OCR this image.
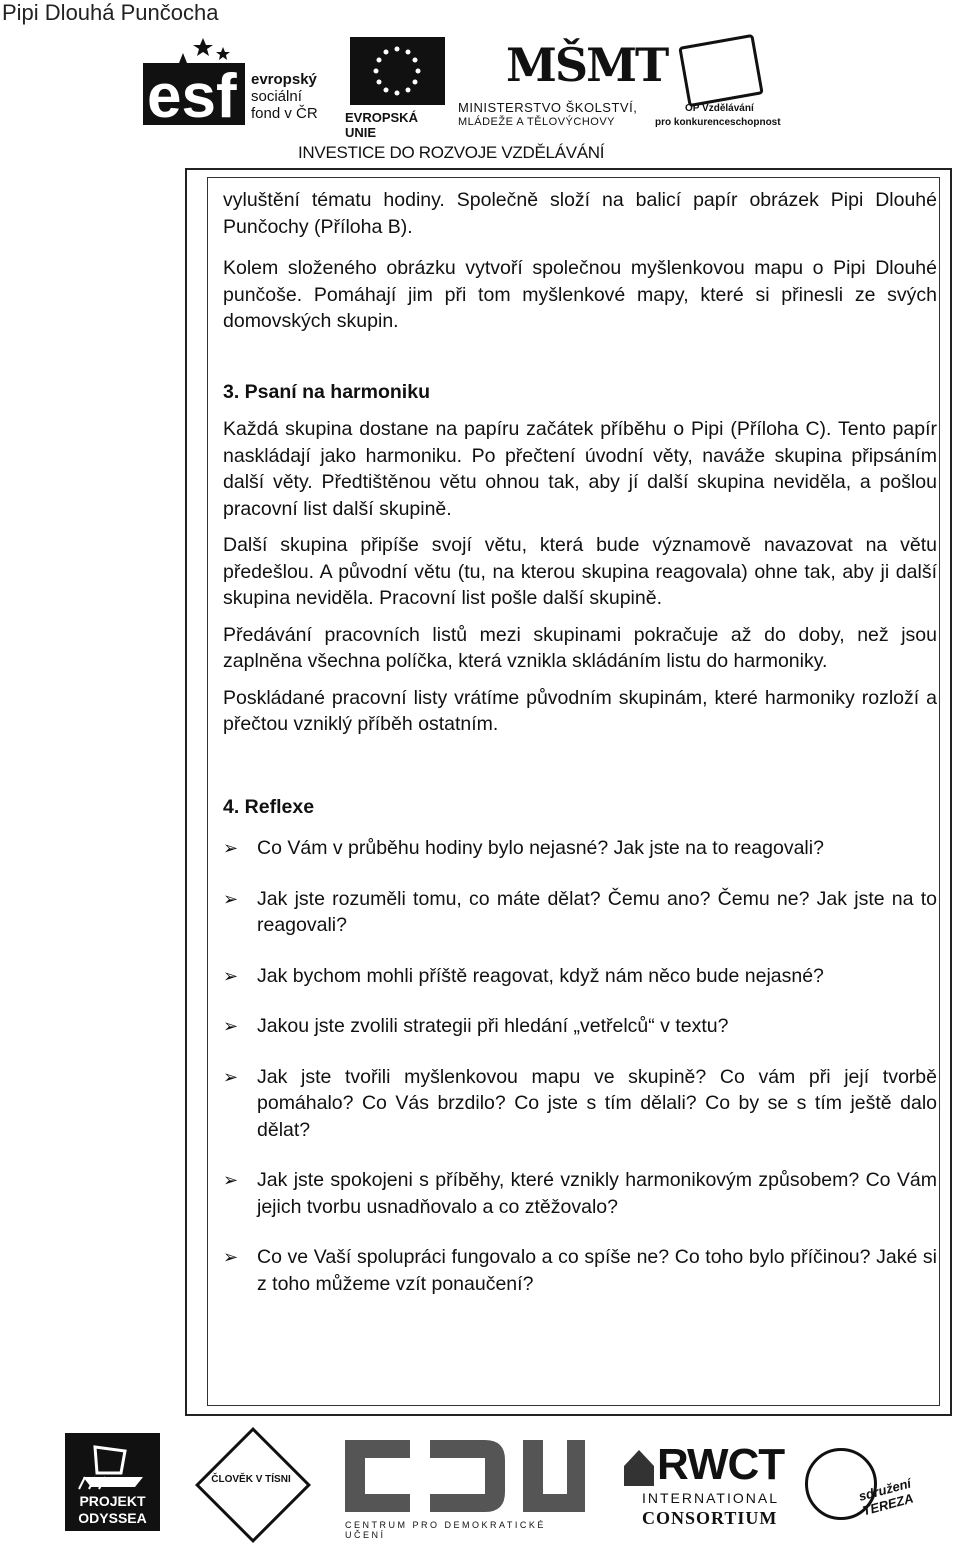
Pipi Dlouhá Punčocha
esf evropský
sociální
fond v ČR EVROPSKÁ UNIE
MŠMT
MINISTERSTVO ŠKOLSTVÍ,
MLÁDEŽE A TĚLOVÝCHOVY
OP Vzdělávání
pro konkurenceschopnost
INVESTICE DO ROZVOJE VZDĚLÁVÁNÍ

vyluštění tématu hodiny. Společně složí na balicí papír obrázek Pipi Dlouhé Punčochy (Příloha B).

Kolem složeného obrázku vytvoří společnou myšlenkovou mapu o Pipi Dlouhé punčoše. Pomáhají jim při tom myšlenkové mapy, které si přinesli ze svých domovských skupin.

3. Psaní na harmoniku

Každá skupina dostane na papíru začátek příběhu o Pipi (Příloha C). Tento papír naskládají jako harmoniku. Po přečtení úvodní věty, naváže skupina připsáním další věty. Předtištěnou větu ohnou tak, aby jí další skupina neviděla, a pošlou pracovní list další skupině.

Další skupina připíše svojí větu, která bude významově navazovat na větu předešlou. A původní větu (tu, na kterou skupina reagovala) ohne tak, aby ji další skupina neviděla. Pracovní list pošle další skupině.

Předávání pracovních listů mezi skupinami pokračuje až do doby, než jsou zaplněna všechna políčka, která vznikla skládáním listu do harmoniky.

Poskládané pracovní listy vrátíme původním skupinám, které harmoniky rozloží a přečtou vzniklý příběh ostatním.

4. Reflexe
➢ Co Vám v průběhu hodiny bylo nejasné? Jak jste na to reagovali?
➢ Jak jste rozuměli tomu, co máte dělat? Čemu ano? Čemu ne? Jak jste na to reagovali?
➢ Jak bychom mohli příště reagovat, když nám něco bude nejasné?
➢ Jakou jste zvolili strategii při hledání „vetřelců“ v textu?
➢ Jak jste tvořili myšlenkovou mapu ve skupině? Co vám při její tvorbě pomáhalo? Co Vás brzdilo? Co jste s tím dělali? Co by se s tím ještě dalo dělat?
➢ Jak jste spokojeni s příběhy, které vznikly harmonikovým způsobem? Co Vám jejich tvorbu usnadňovalo a co ztěžovalo?
➢ Co ve Vaší spolupráci fungovalo a co spíše ne? Co toho bylo příčinou? Jaké si z toho můžeme vzít ponaučení?
PROJEKT
ODYSSEA
ČLOVĚK V TÍSNI
CENTRUM PRO DEMOKRATICKÉ UČENÍ
RWCT
INTERNATIONAL
CONSORTIUM
sdružení TEREZA
